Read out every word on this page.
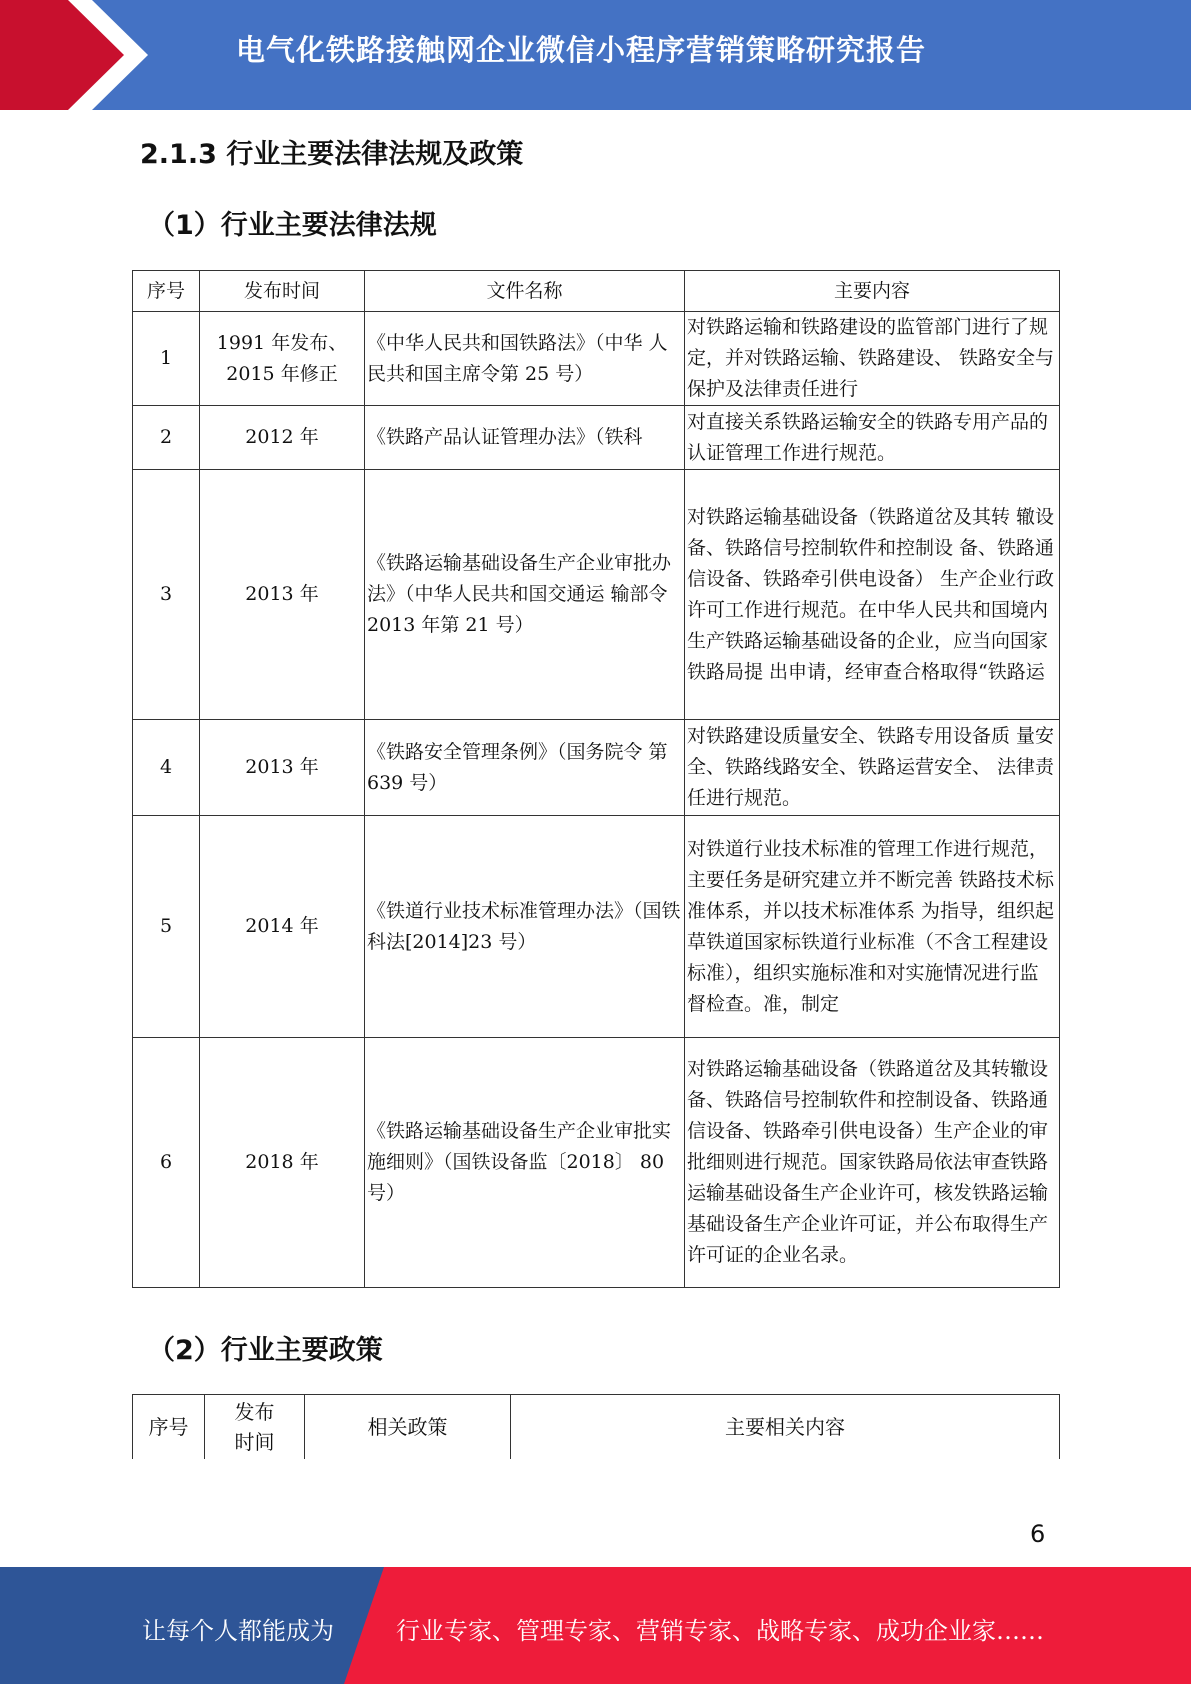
电气化铁路接触网企业微信小程序营销策略研究报告
2.1.3 行业主要法律法规及政策
（1）行业主要法律法规
序号	发布时间	文件名称	主要内容
1	1991 年发布、2015 年修正	《中华人民共和国铁路法》（中华 人民共和国主席令第 25 号）	对铁路运输和铁路建设的监管部门进行了规定，并对铁路运输、铁路建设、 铁路安全与保护及法律责任进行
2	2012 年	《铁路产品认证管理办法》（铁科	对直接关系铁路运输安全的铁路专用产品的认证管理工作进行规范。
3	2013 年	《铁路运输基础设备生产企业审批办法》（中华人民共和国交通运 输部令 2013 年第 21 号）	对铁路运输基础设备（铁路道岔及其转 辙设备、铁路信号控制软件和控制设 备、铁路通信设备、铁路牵引供电设备） 生产企业行政许可工作进行规范。在中华人民共和国境内生产铁路运输基础设备的企业，应当向国家铁路局提 出申请，经审查合格取得“铁路运
4	2013 年	《铁路安全管理条例》（国务院令 第 639 号）	对铁路建设质量安全、铁路专用设备质 量安全、铁路线路安全、铁路运营安全、 法律责任进行规范。
5	2014 年	《铁道行业技术标准管理办法》（国铁科法[2014]23 号）	对铁道行业技术标准的管理工作进行规范，主要任务是研究建立并不断完善 铁路技术标准体系，并以技术标准体系 为指导，组织起草铁道国家标铁道行业标准（不含工程建设标准），组织实施标准和对实施情况进行监督检查。准，制定
6	2018 年	《铁路运输基础设备生产企业审批实施细则》（国铁设备监〔2018〕 80 号）	对铁路运输基础设备（铁路道岔及其转辙设备、铁路信号控制软件和控制设备、铁路通信设备、铁路牵引供电设备）生产企业的审批细则进行规范。国家铁路局依法审查铁路运输基础设备生产企业许可，核发铁路运输基础设备生产企业许可证，并公布取得生产许可证的企业名录。
（2）行业主要政策
序号	发布时间	相关政策	主要相关内容
6
让每个人都能成为	行业专家、管理专家、营销专家、战略专家、成功企业家……
